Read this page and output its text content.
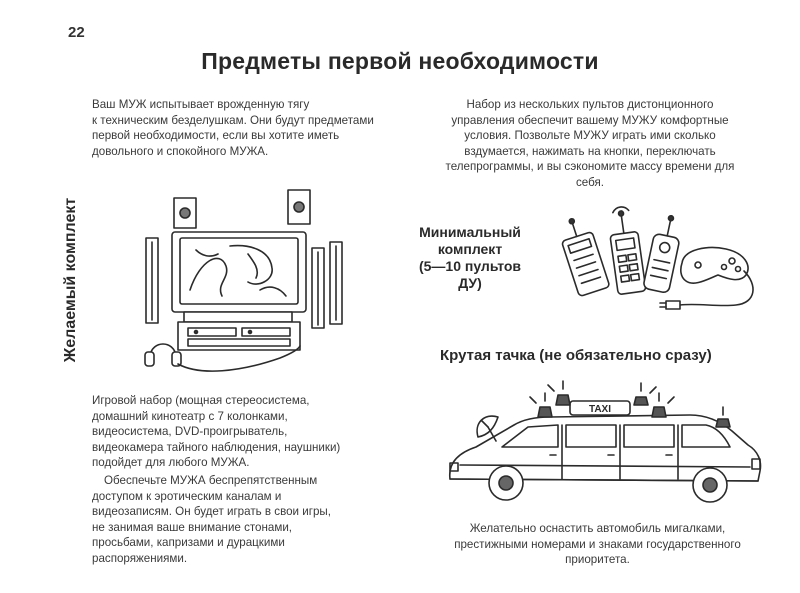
22
Предметы первой необходимости

Ваш МУЖ испытывает врожденную тягу

к техническим безделушкам. Они будут предметами

первой необходимости, если вы хотите иметь

довольного и спокойного МУЖА.

Набор из нескольких пультов дистонционного

управления обеспечит вашему МУЖУ комфортные

условия. Позвольте МУЖУ играть ими сколько

вздумается, нажимать на кнопки, переключать

телепрограммы, и вы сэкономите массу времени для

себя.

Желаемый комплект	Минимальный
комплект
(5—10 пультов
ДУ)
Крутая тачка (не обязательно сразу)
TAXI

Игровой набор (мощная стереосистема,
домашний кинотеатр с 7 колонками,
видеосистема, DVD-проигрыватель,
видеокамера тайного наблюдения, наушники)
подойдет для любого МУЖА.

Обеспечьте МУЖА беспрепятственным
доступом к эротическим каналам и
видеозаписям. Он будет играть в свои игры,
не занимая ваше внимание стонами,
просьбами, капризами и дурацкими
распоряжениями.

Желательно оснастить автомобиль мигалками,

престижными номерами и знаками государственного

приоритета.
